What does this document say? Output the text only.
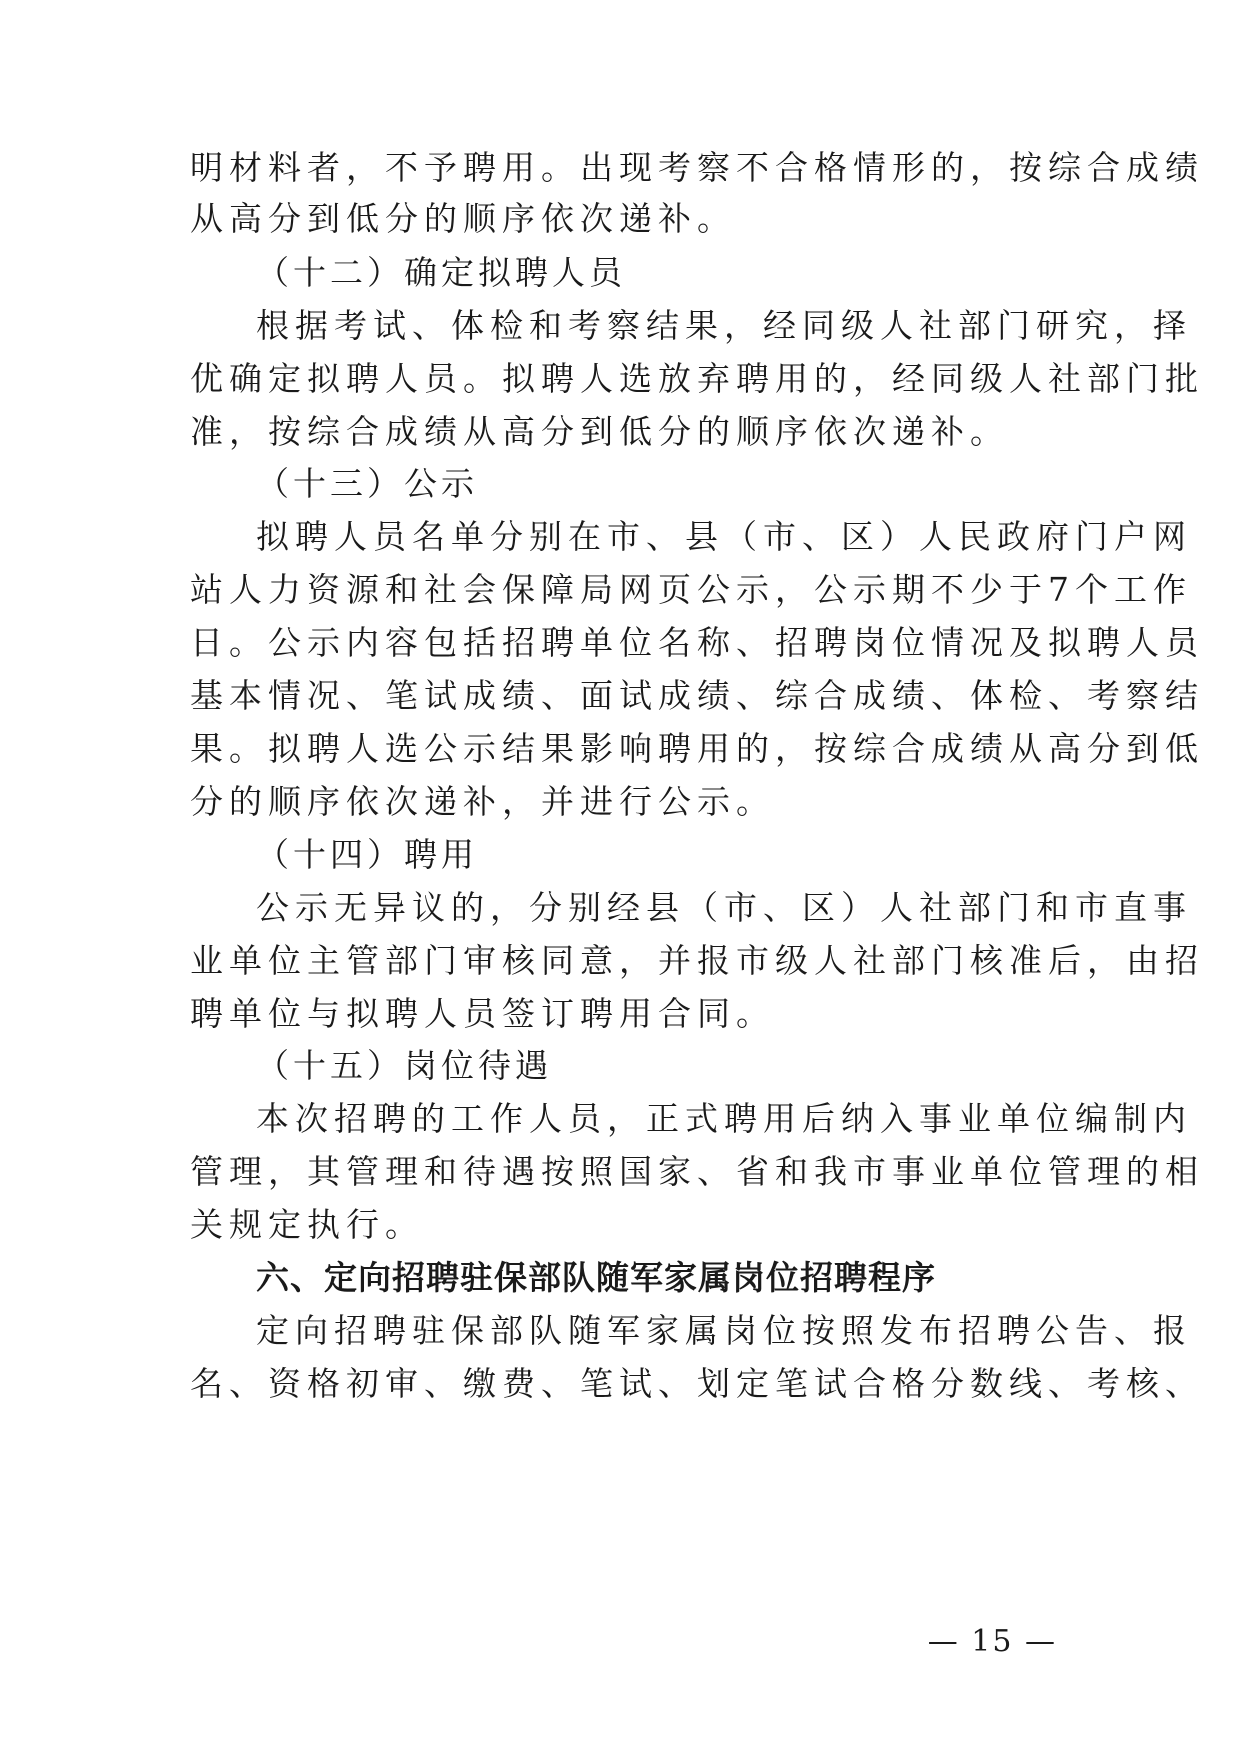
明材料者，不予聘用。出现考察不合格情形的，按综合成绩
从高分到低分的顺序依次递补。
（十二）确定拟聘人员
根据考试、体检和考察结果，经同级人社部门研究，择
优确定拟聘人员。拟聘人选放弃聘用的，经同级人社部门批
准，按综合成绩从高分到低分的顺序依次递补。
（十三）公示
拟聘人员名单分别在市、县（市、区）人民政府门户网
站人力资源和社会保障局网页公示，公示期不少于7个工作
日。公示内容包括招聘单位名称、招聘岗位情况及拟聘人员
基本情况、笔试成绩、面试成绩、综合成绩、体检、考察结
果。拟聘人选公示结果影响聘用的，按综合成绩从高分到低
分的顺序依次递补，并进行公示。
（十四）聘用
公示无异议的，分别经县（市、区）人社部门和市直事
业单位主管部门审核同意，并报市级人社部门核准后，由招
聘单位与拟聘人员签订聘用合同。
（十五）岗位待遇
本次招聘的工作人员，正式聘用后纳入事业单位编制内
管理，其管理和待遇按照国家、省和我市事业单位管理的相
关规定执行。
六、定向招聘驻保部队随军家属岗位招聘程序
定向招聘驻保部队随军家属岗位按照发布招聘公告、报
名、资格初审、缴费、笔试、划定笔试合格分数线、考核、
— 15 —
